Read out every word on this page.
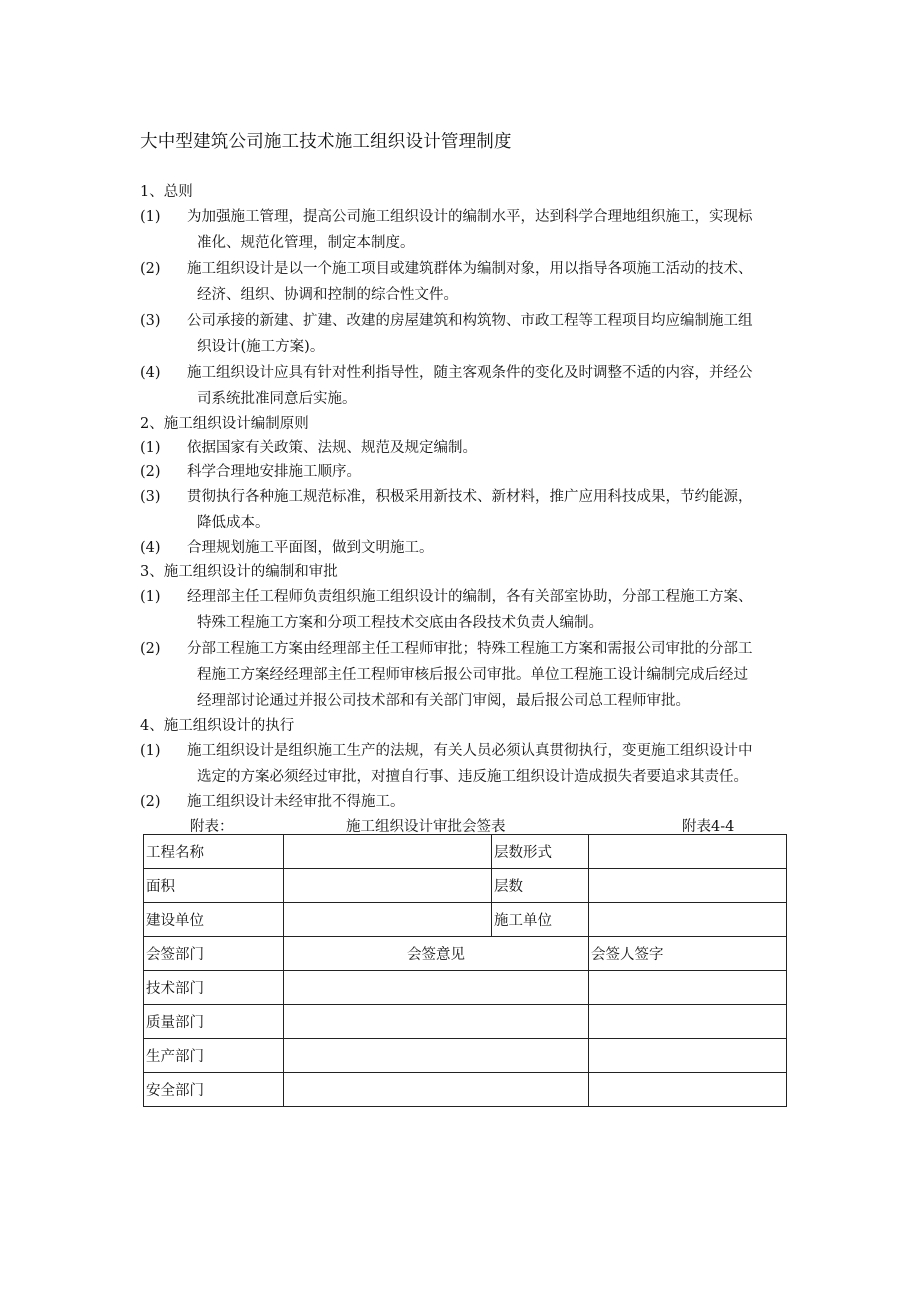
大中型建筑公司施工技术施工组织设计管理制度
1、总则
(1) 为加强施工管理，提高公司施工组织设计的编制水平，达到科学合理地组织施工，实现标
准化、规范化管理，制定本制度。
(2) 施工组织设计是以一个施工项目或建筑群体为编制对象，用以指导各项施工活动的技术、
经济、组织、协调和控制的综合性文件。
(3) 公司承接的新建、扩建、改建的房屋建筑和构筑物、市政工程等工程项目均应编制施工组
织设计(施工方案)。
(4) 施工组织设计应具有针对性利指导性，随主客观条件的变化及时调整不适的内容，并经公
司系统批准同意后实施。
2、施工组织设计编制原则
(1) 依据国家有关政策、法规、规范及规定编制。
(2) 科学合理地安排施工顺序。
(3) 贯彻执行各种施工规范标准，积极采用新技术、新材料，推广应用科技成果，节约能源，
降低成本。
(4) 合理规划施工平面图，做到文明施工。
3、施工组织设计的编制和审批
(1) 经理部主任工程师负责组织施工组织设计的编制，各有关部室协助，分部工程施工方案、
特殊工程施工方案和分项工程技术交底由各段技术负责人编制。
(2) 分部工程施工方案由经理部主任工程师审批；特殊工程施工方案和需报公司审批的分部工
程施工方案经经理部主任工程师审核后报公司审批。单位工程施工设计编制完成后经过
经理部讨论通过并报公司技术部和有关部门审阅，最后报公司总工程师审批。
4、施工组织设计的执行
(1) 施工组织设计是组织施工生产的法规，有关人员必须认真贯彻执行，变更施工组织设计中
选定的方案必须经过审批，对擅自行事、违反施工组织设计造成损失者要追求其责任。
(2) 施工组织设计未经审批不得施工。
附表：	施工组织设计审批会签表	附表4-4
工程名称		层数形式	
面积		层数	
建设单位		施工单位	
会签部门	会签意见		会签人签字
技术部门			
质量部门			
生产部门			
安全部门			
